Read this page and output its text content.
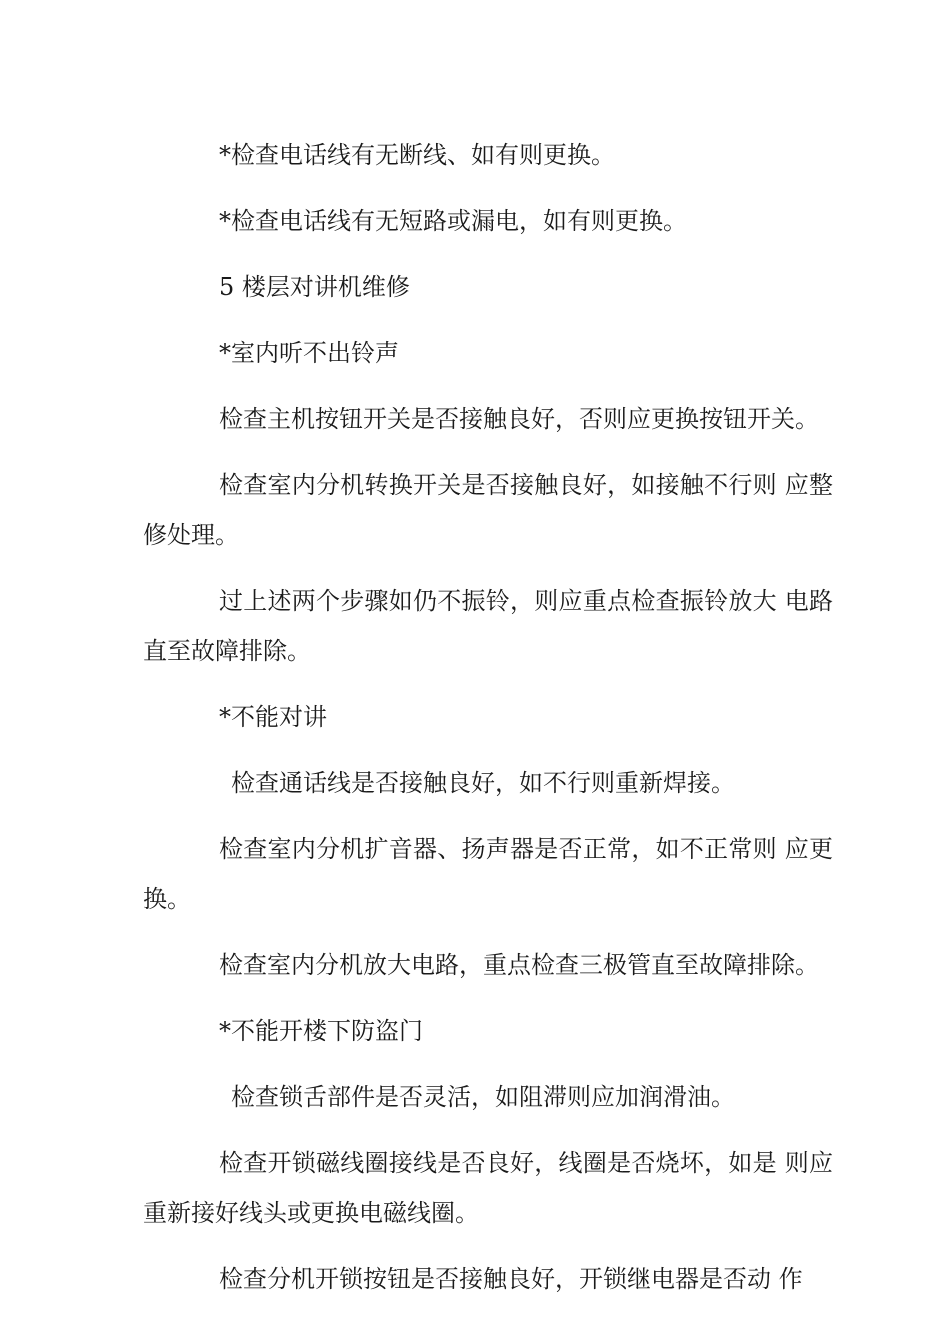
*检查电话线有无断线、如有则更换。

*检查电话线有无短路或漏电，如有则更换。

5 楼层对讲机维修

*室内听不出铃声

检查主机按钮开关是否接触良好，否则应更换按钮开关。

检查室内分机转换开关是否接触良好，如接触不行则 应整修处理。

过上述两个步骤如仍不振铃，则应重点检查振铃放大 电路直至故障排除。

*不能对讲

检查通话线是否接触良好，如不行则重新焊接。

检查室内分机扩音器、扬声器是否正常，如不正常则 应更换。

检查室内分机放大电路，重点检查三极管直至故障排除。

*不能开楼下防盗门

检查锁舌部件是否灵活，如阻滞则应加润滑油。

检查开锁磁线圈接线是否良好，线圈是否烧坏，如是 则应重新接好线头或更换电磁线圈。

检查分机开锁按钮是否接触良好，开锁继电器是否动 作
